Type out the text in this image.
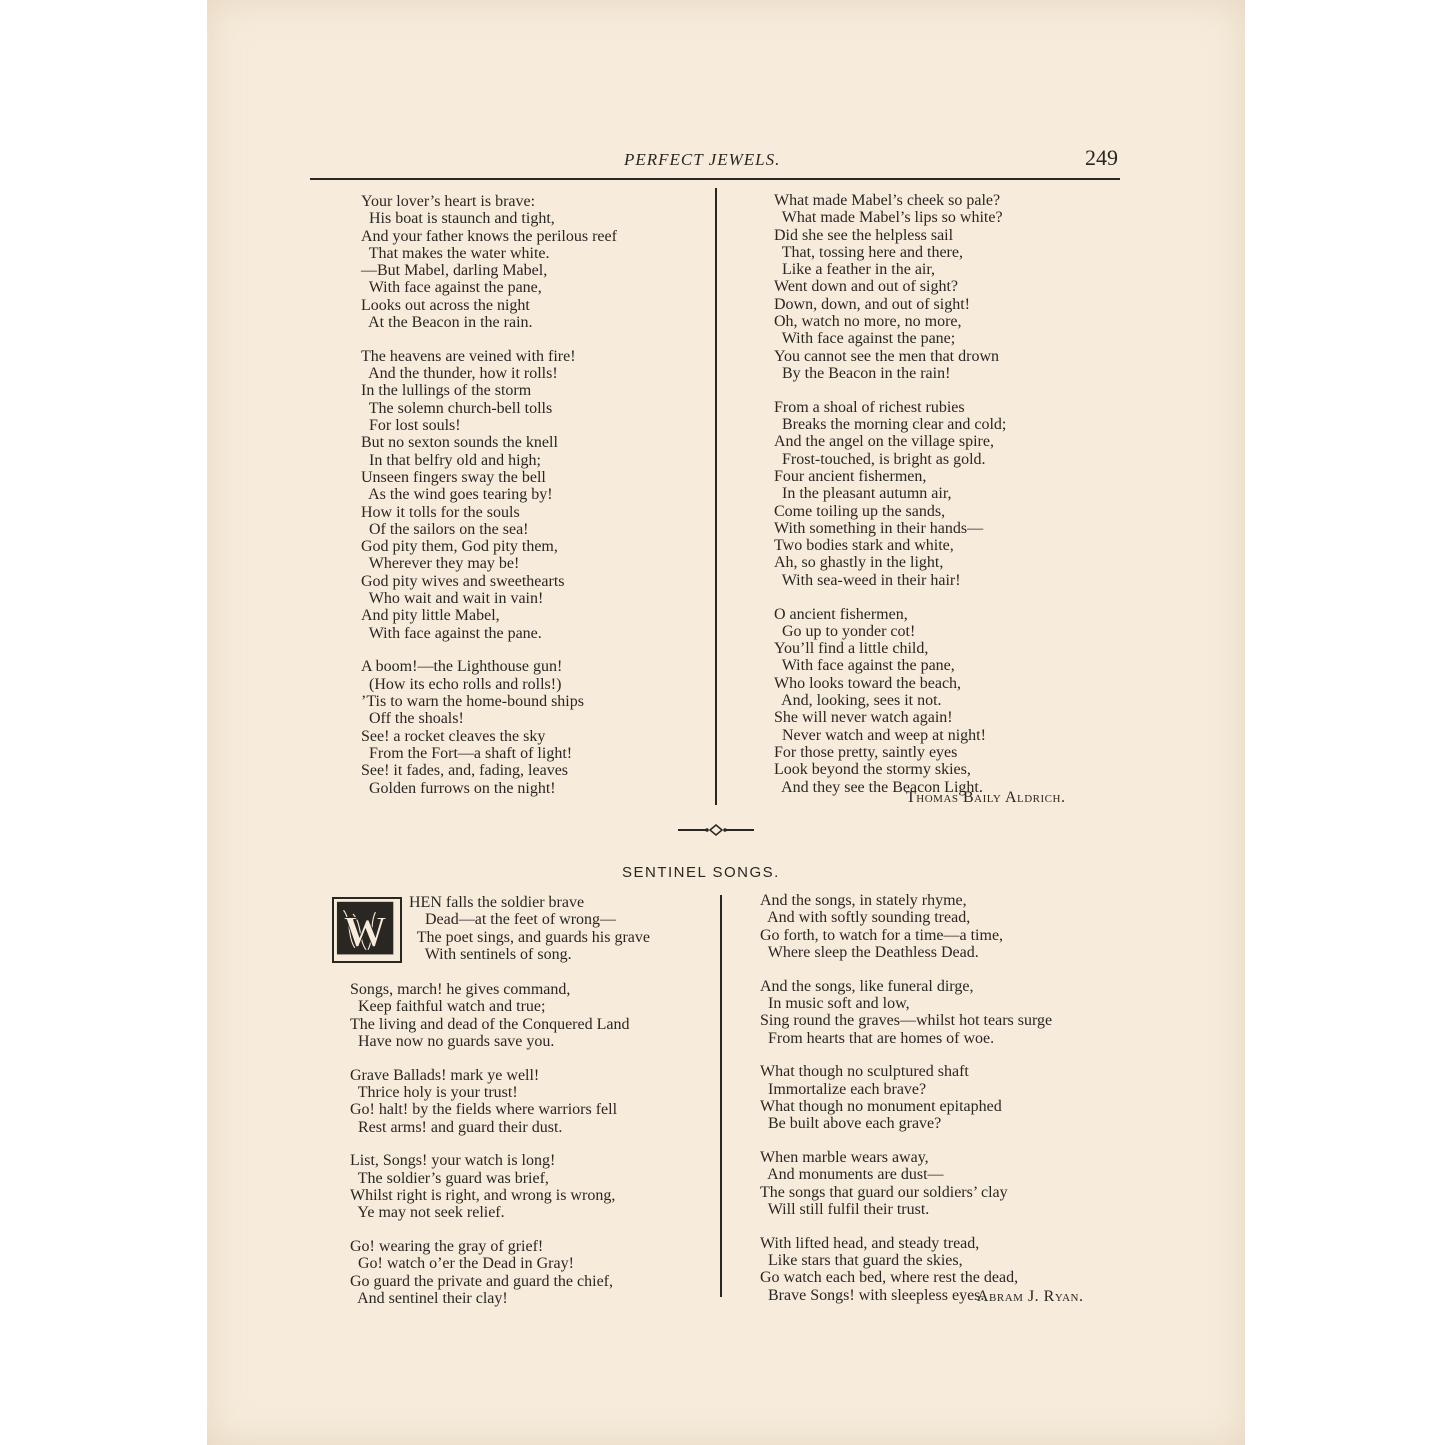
PERFECT JEWELS.	249
Your lover’s heart is brave:
His boat is staunch and tight,
And your father knows the perilous reef
That makes the water white.
—But Mabel, darling Mabel,
With face against the pane,
Looks out across the night
At the Beacon in the rain.
The heavens are veined with fire!
And the thunder, how it rolls!
In the lullings of the storm
The solemn church-bell tolls
For lost souls!
But no sexton sounds the knell
In that belfry old and high;
Unseen fingers sway the bell
As the wind goes tearing by!
How it tolls for the souls
Of the sailors on the sea!
God pity them, God pity them,
Wherever they may be!
God pity wives and sweethearts
Who wait and wait in vain!
And pity little Mabel,
With face against the pane.
A boom!—the Lighthouse gun!
(How its echo rolls and rolls!)
’Tis to warn the home-bound ships
Off the shoals!
See! a rocket cleaves the sky
From the Fort—a shaft of light!
See! it fades, and, fading, leaves
Golden furrows on the night!
What made Mabel’s cheek so pale?
What made Mabel’s lips so white?
Did she see the helpless sail
That, tossing here and there,
Like a feather in the air,
Went down and out of sight?
Down, down, and out of sight!
Oh, watch no more, no more,
With face against the pane;
You cannot see the men that drown
By the Beacon in the rain!
From a shoal of richest rubies
Breaks the morning clear and cold;
And the angel on the village spire,
Frost-touched, is bright as gold.
Four ancient fishermen,
In the pleasant autumn air,
Come toiling up the sands,
With something in their hands—
Two bodies stark and white,
Ah, so ghastly in the light,
With sea-weed in their hair!
O ancient fishermen,
Go up to yonder cot!
You’ll find a little child,
With face against the pane,
Who looks toward the beach,
And, looking, sees it not.
She will never watch again!
Never watch and weep at night!
For those pretty, saintly eyes
Look beyond the stormy skies,
And they see the Beacon Light.
Thomas Baily Aldrich.
SENTINEL SONGS.
W
HEN falls the soldier brave
Dead—at the feet of wrong—
The poet sings, and guards his grave
With sentinels of song.
Songs, march! he gives command,
Keep faithful watch and true;
The living and dead of the Conquered Land
Have now no guards save you.
Grave Ballads! mark ye well!
Thrice holy is your trust!
Go! halt! by the fields where warriors fell
Rest arms! and guard their dust.
List, Songs! your watch is long!
The soldier’s guard was brief,
Whilst right is right, and wrong is wrong,
Ye may not seek relief.
Go! wearing the gray of grief!
Go! watch o’er the Dead in Gray!
Go guard the private and guard the chief,
And sentinel their clay!
And the songs, in stately rhyme,
And with softly sounding tread,
Go forth, to watch for a time—a time,
Where sleep the Deathless Dead.
And the songs, like funeral dirge,
In music soft and low,
Sing round the graves—whilst hot tears surge
From hearts that are homes of woe.
What though no sculptured shaft
Immortalize each brave?
What though no monument epitaphed
Be built above each grave?
When marble wears away,
And monuments are dust—
The songs that guard our soldiers’ clay
Will still fulfil their trust.
With lifted head, and steady tread,
Like stars that guard the skies,
Go watch each bed, where rest the dead,
Brave Songs! with sleepless eyes.
Abram J. Ryan.
